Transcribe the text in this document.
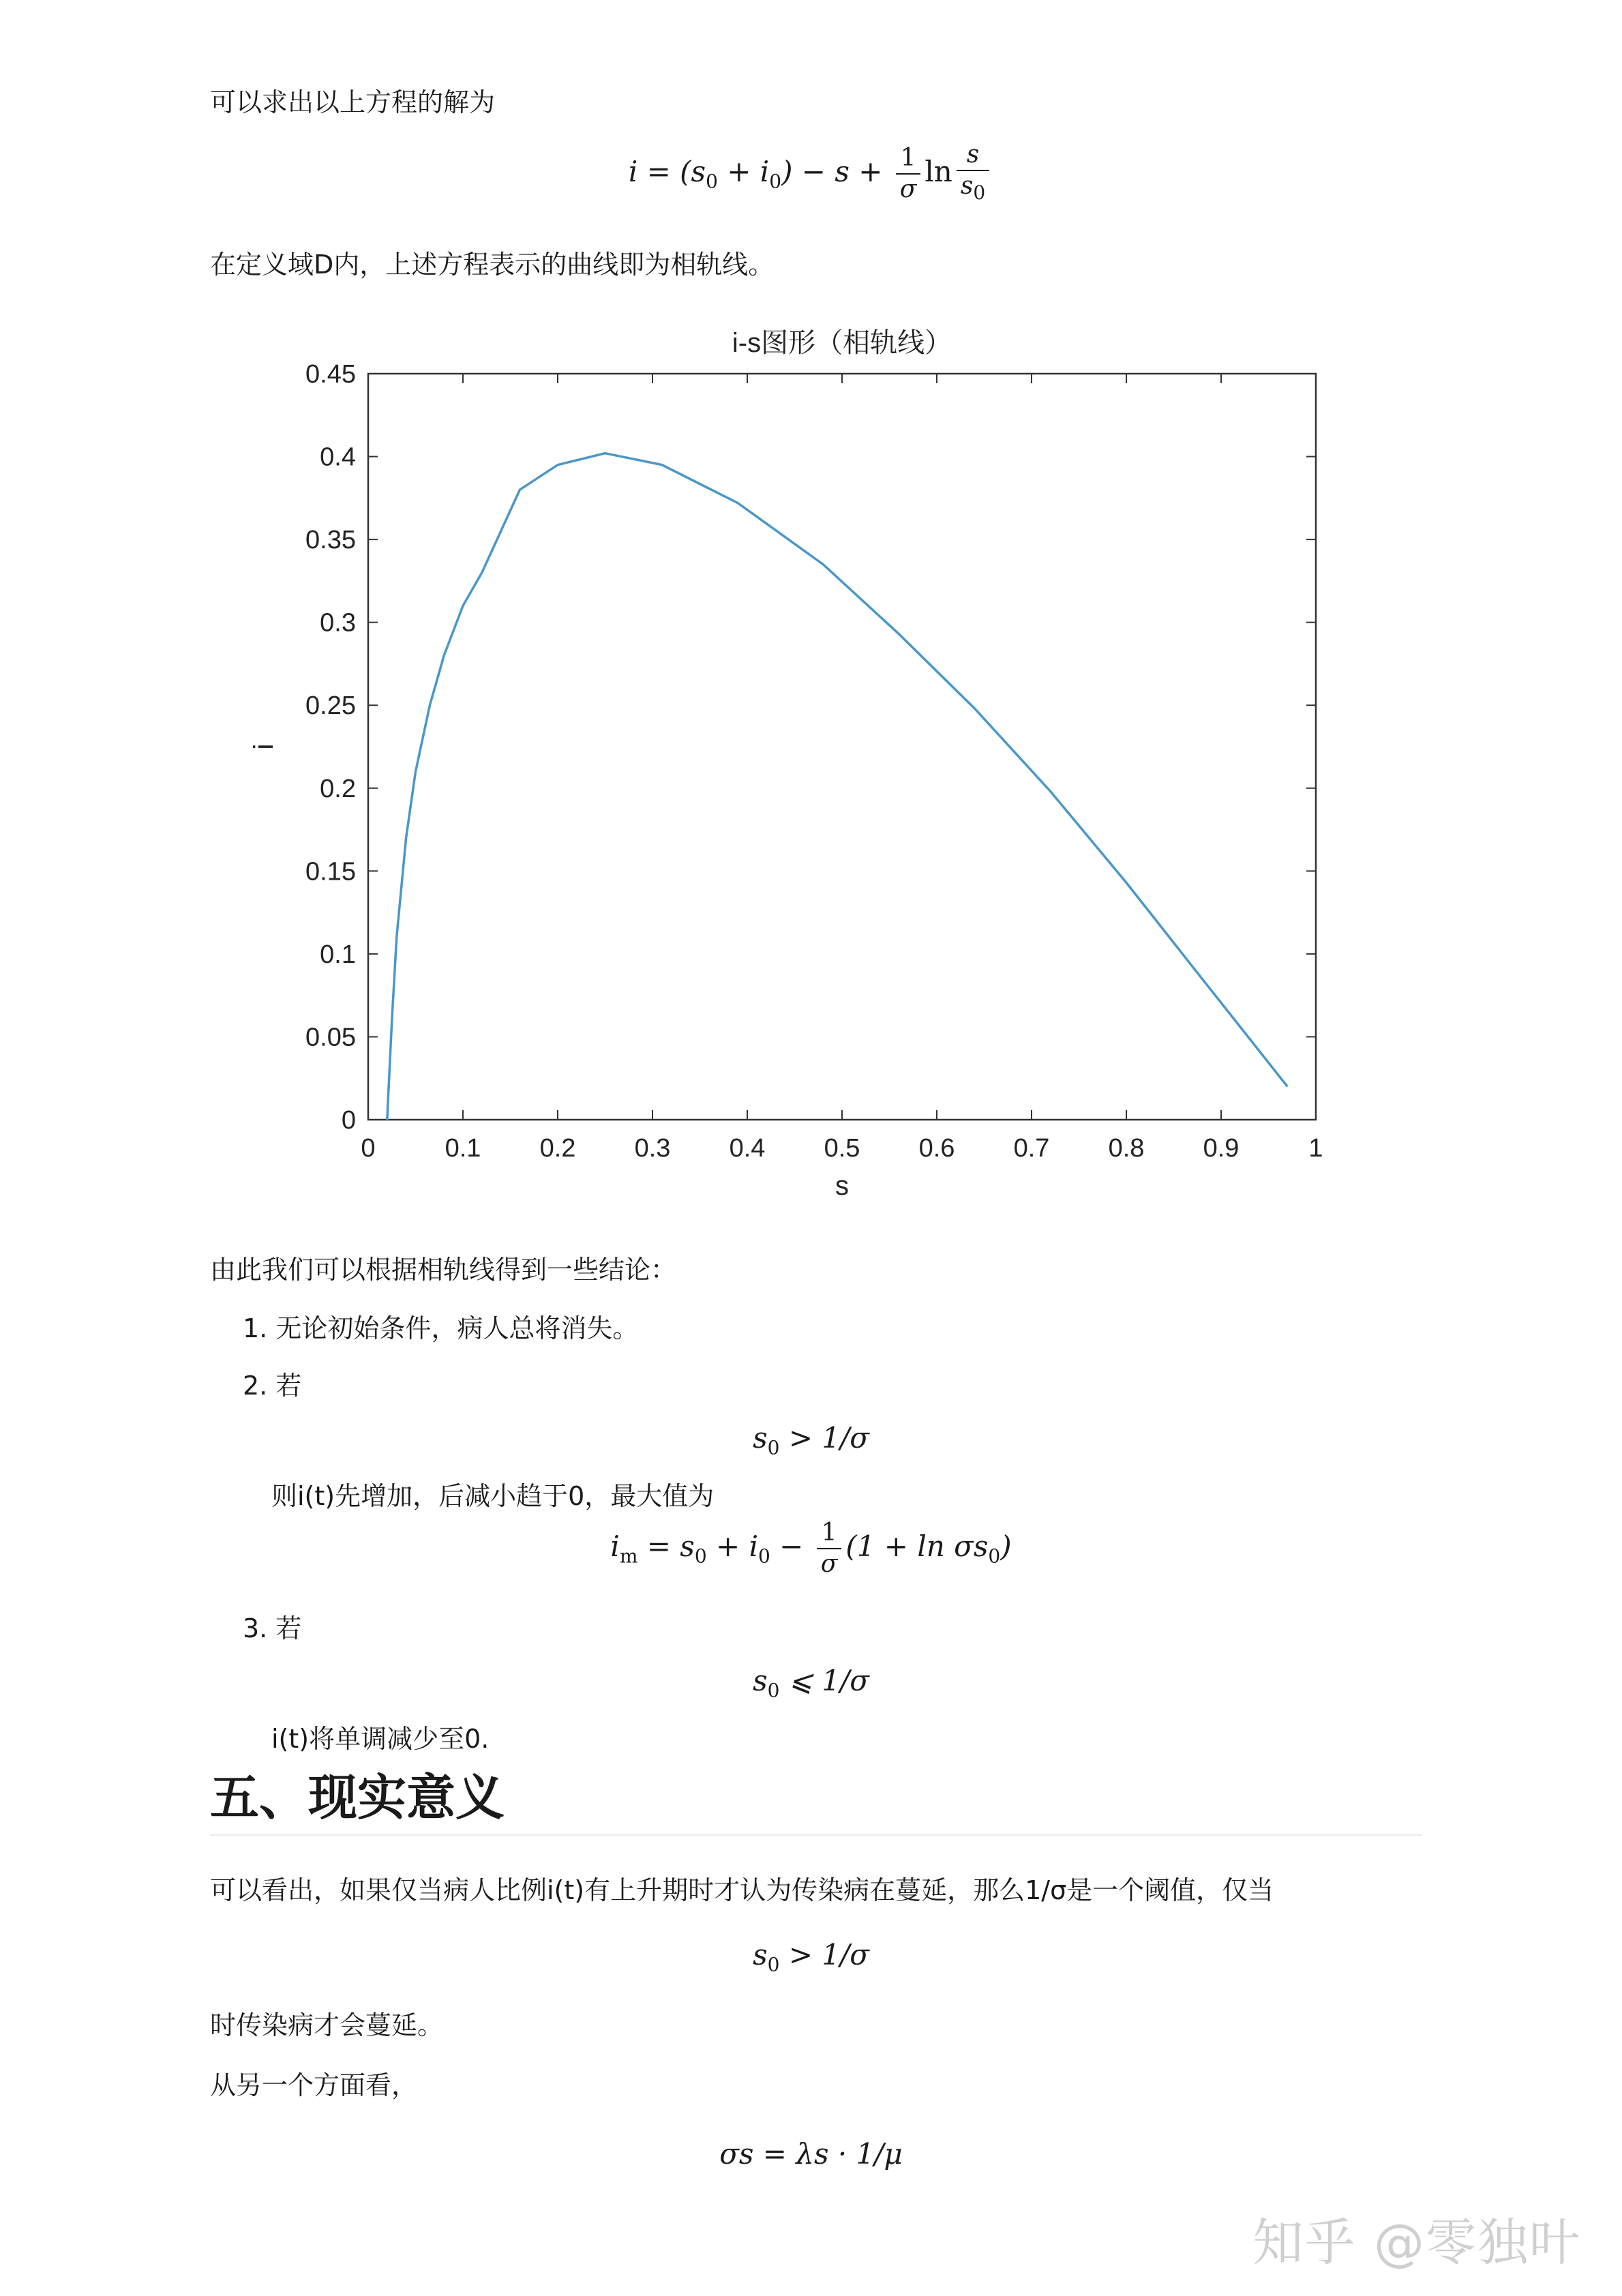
可以求出以上方程的解为
$i = (s_0 + i_0) - s + \frac{1}{\sigma}$ $\ln \frac{s}{s_0}$
在定义域D内，上述方程表示的曲线即为相轨线。
i-s图形（相轨线）
0
0.05
0.1
0.15
0.2
0.25
0.3
0.35
0.4
0.45
0	0.1 0.2 0.3 0.4 0.5 0.6 0.7 0.8 0.9	1
s
i
由此我们可以根据相轨线得到一些结论：
1. 无论初始条件，病人总将消失。
2. 若
$s_0 > 1/\sigma$
则i(t)先增加，后减小趋于0，最大值为
$i_m = s_0 + i_0 - \frac{1}{\sigma} (1 + \ln \sigma s_0)$
3. 若
$s_0$ ⩽ 1/σ
i(t)将单调减少至0.
五、现实意义
可以看出，如果仅当病人比例i(t)有上升期时才认为传染病在蔓延，那么1/σ是一个阈值，仅当
$s_0 > 1/\sigma$
时传染病才会蔓延。
从另一个方面看，
σs = λs · 1/μ
知乎 @零独叶
